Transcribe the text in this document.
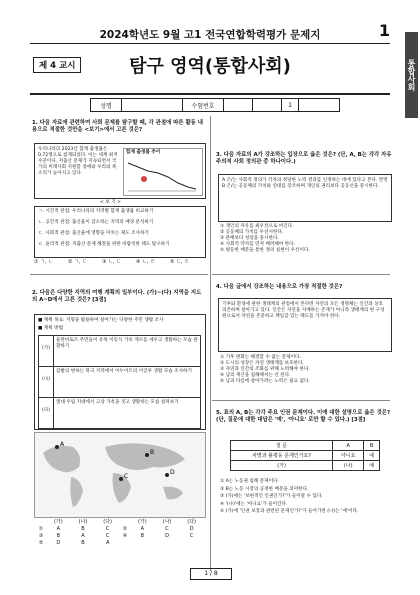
2024학년도 9월 고1 전국연합학력평가 문제지	1
통합사회
제 4 교시	탐구 영역(통합사회)
성명	수험번호	1
1. 다음 자료에 관련하여 사회 문제를 탐구할 때, 각 관점에 따른 활동 내용으로 적절한 것만을 <보기>에서 고른 것은?
우리나라의 2023년 합계 출생률은 0.72명으로 집계되었다. 이는 세계 최저 수준이다. 저출산 문제가 지속되면서 국가의 미래사회 지원할 장애와 우리의 목소리가 높아지고 있다.
합계 출생률 추이
< 보 기 >
ㄱ. 시간적 관점: 우리나라의 지역별 합계 출생률 비교하기
ㄴ. 공간적 관점: 출산율이 감소하는 지역의 배경 분석하기
ㄷ. 사회적 관점: 출산율에 영향을 미치는 제도 조사하기
ㄹ. 윤리적 관점: 저출산 문제 해결을 위한 바람직한 태도 탐구하기
① ㄱ, ㄴ	② ㄱ, ㄷ	③ ㄴ, ㄷ	④ ㄴ, ㄹ	⑤ ㄷ, ㄹ
2. 다음은 다양한 지역의 여행 계획의 일부이다. (가)~(다) 지역을 지도의 A~D에서 고른 것은? [3점]
■ 계획 목표: 지형을 활용하여 살아가는 다양한 주민 생활 조사
■ 계획 방법
(가)
울란바토르 주민들이 유목 이동식 가옥 게르를 세우고 생활하는 모습 관찰하기
(나)
갑발의 변하는 북극 지역에서 이누이트의 이글루 생활 모습 조사하기
(다)
열대 우림 지대에서 고상 가옥을 짓고 생활하는 모습 살펴보기
A
B
C
D
(가)	(나)	(다)	(가)	(나)	(다)
①	A	B	C	②	A	C	D
③	B	A	C	④	B	D	C
⑤	D	B	A
3. 다음 자료의 A가 강조하는 입장으로 옳은 것은? (단, A, B는 각각 자유주의적 사회 정의관 중 하나이다.)
A 은/는 사회적 정의가 각자의 정당한 노력 결과를 인정하는 데에 있다고 본다. 반면 B 은/는 공동체의 가치와 연대를 강조하며 개인의 권리보다 공동선을 중시한다.
① 개인의 자유를 최우선으로 여긴다.
② 공동체의 가치를 우선시한다.
③ 분배보다 성장을 중시한다.
④ 사회적 약자를 먼저 배려해야 한다.
⑤ 평등한 배분을 통한 정의 실현이 우선이다.
4. 다음 글에서 강조하는 내용으로 가장 적절한 것은?
기후와 환경에 관한 생태계의 관점에서 본다면 자연의 모든 생명체는 인간과 상호 의존하며 살아가고 있다. 인간은 자연을 지배하는 존재가 아니라 생태계의 한 구성원으로서 자연을 존중하고 책임감 있는 태도를 가져야 한다.
① 기후 변화는 해결할 수 없는 문제이다.
② 도시의 성장은 자연 생태계를 보호한다.
③ 자연과 인간의 조화를 위해 노력해야 한다.
④ 남의 재산을 침해해서는 안 된다.
⑤ 남과 다름에 살아가려는 노력은 필요 없다.
5. 표의 A, B는 각각 주요 인권 문제이다. 이에 대한 설명으로 옳은 것은? (단, 질문에 대한 대답은 '예', '아니요' 로만 할 수 있다.) [3점]
질 문	A	B
차별과 불평등 문제인가요?	아니요	예
(가)	(나)	예
① A는 노동권 침해 문제이다.
② B는 노동 시장의 공정한 배분을 의미한다.
③ (가)에는 '보편적인 인권인가?'가 들어갈 수 있다.
④ '(나)'에는 '아니요'가 들어간다.
⑤ (가)에 '인권 보장과 관련된 문제인가?'가 들어가면 (나)는 '예'이다.
1 / 8
